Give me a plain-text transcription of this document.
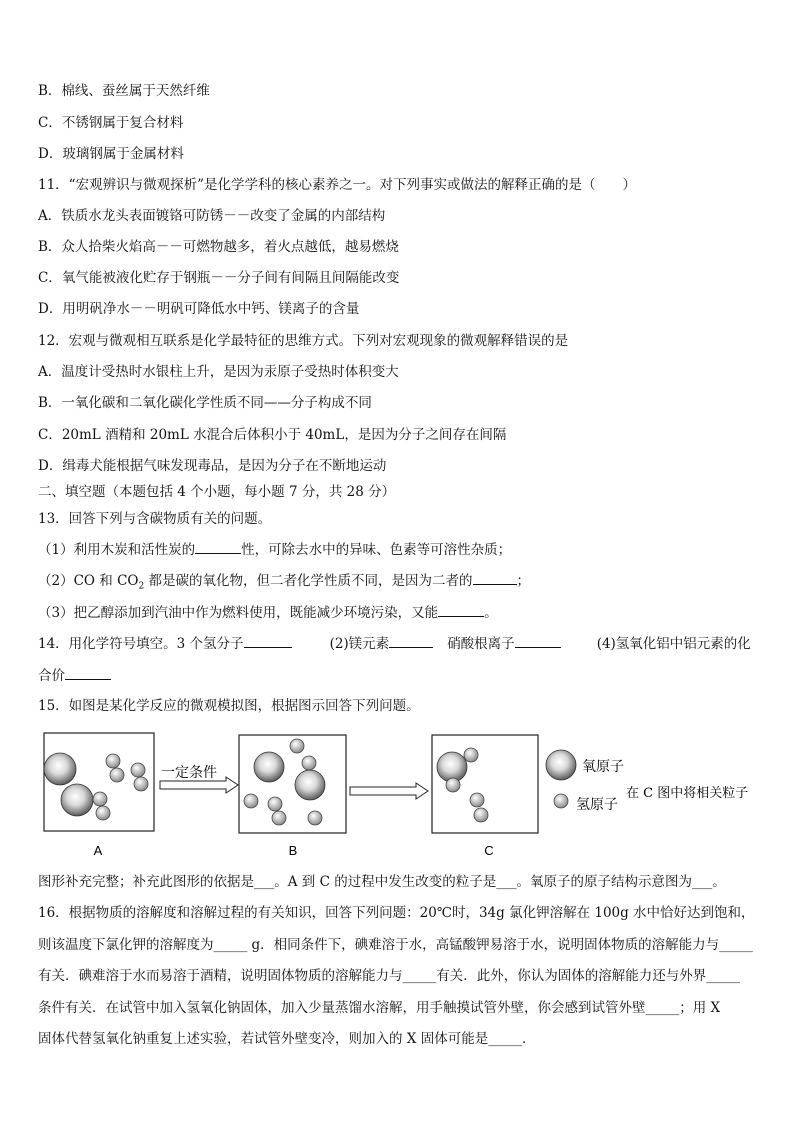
B．棉线、蚕丝属于天然纤维
C．不锈钢属于复合材料
D．玻璃钢属于金属材料
11．“宏观辨识与微观探析”是化学学科的核心素养之一。对下列事实或做法的解释正确的是（　　）
A．铁质水龙头表面镀铬可防锈－－改变了金属的内部结构
B．众人拾柴火焰高－－可燃物越多，着火点越低，越易燃烧
C．氧气能被液化贮存于钢瓶－－分子间有间隔且间隔能改变
D．用明矾净水－－明矾可降低水中钙、镁离子的含量
12．宏观与微观相互联系是化学最特征的思维方式。下列对宏观现象的微观解释错误的是
A．温度计受热时水银柱上升，是因为汞原子受热时体积变大
B．一氧化碳和二氧化碳化学性质不同——分子构成不同
C．20mL 酒精和 20mL 水混合后体积小于 40mL，是因为分子之间存在间隔
D．缉毒犬能根据气味发现毒品，是因为分子在不断地运动
二、填空题（本题包括 4 个小题，每小题 7 分，共 28 分）
13．回答下列与含碳物质有关的问题。
（1）利用木炭和活性炭的	性，可除去水中的异味、色素等可溶性杂质；
（2）CO 和 $CO_2$ 都是碳的氧化物，但二者化学性质不同，是因为二者的	；
（3）把乙醇添加到汽油中作为燃料使用，既能减少环境污染，又能	。
14．用化学符号填空。3 个氢分子	(2)镁元素	硝酸根离子	(4)氢氧化铝中铝元素的化
合价
15．如图是某化学反应的微观模拟图，根据图示回答下列问题。
一定条件	氧原子
氢原子
在 C 图中将相关粒子
A	B	C
图形补充完整；补充此图形的依据是___。A 到 C 的过程中发生改变的粒子是___。氧原子的原子结构示意图为___。
16．根据物质的溶解度和溶解过程的有关知识，回答下列问题：20℃时，34g 氯化钾溶解在 100g 水中恰好达到饱和，
则该温度下氯化钾的溶解度为_____ g．相同条件下，碘难溶于水，高锰酸钾易溶于水，说明固体物质的溶解能力与_____
有关．碘难溶于水而易溶于酒精，说明固体物质的溶解能力与_____有关．此外，你认为固体的溶解能力还与外界_____
条件有关．在试管中加入氢氧化钠固体，加入少量蒸馏水溶解，用手触摸试管外壁，你会感到试管外壁_____；用 X
固体代替氢氧化钠重复上述实验，若试管外壁变冷，则加入的 X 固体可能是_____．
